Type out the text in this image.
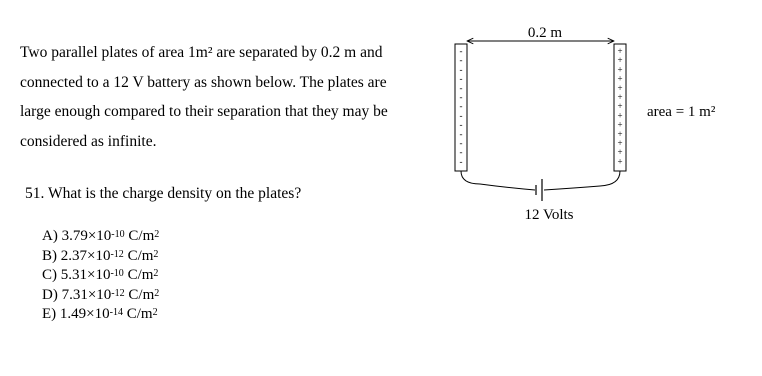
Two parallel plates of area 1m² are separated by 0.2 m and
connected to a 12 V battery as shown below. The plates are
large enough compared to their separation that they may be
considered as infinite.
51. What is the charge density on the plates?
A) $3.79\times 10^{-10}$ $C/m^2$
B) $2.37\times 10^{-12}$ $C/m^2$
C) $5.31\times 10^{-10}$ $C/m^2$
D) $7.31\times 10^{-12}$ $C/m^2$
E) $1.49\times 10^{-14}$ $C/m^2$
0.2 m
-
-
-
-
-
-
-
-
-
-
-
-
-
+
+
+
+
+
+
+
+
+
+
+
+
+
12 Volts
area = 1 m²
